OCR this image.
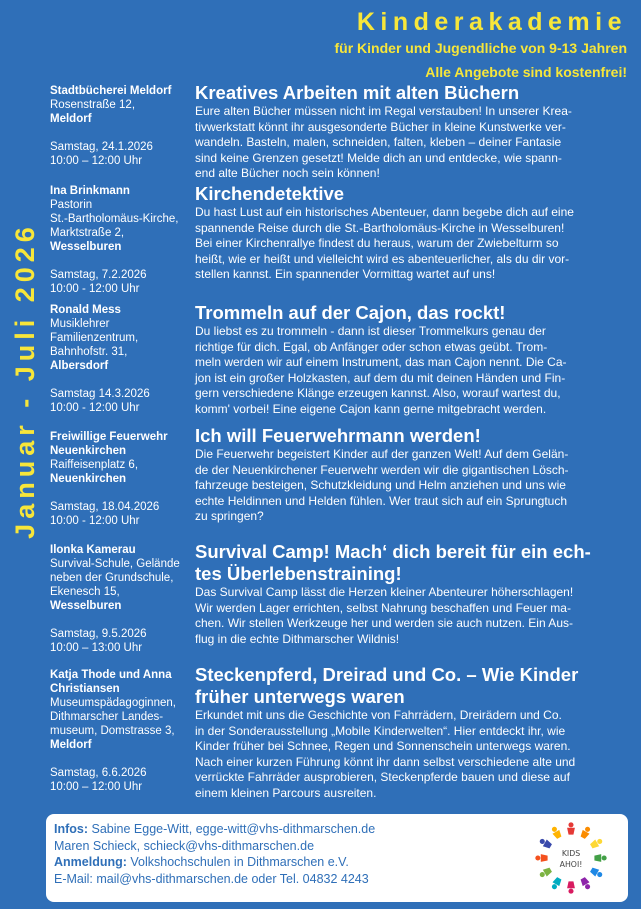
Kinderakademie
für Kinder und Jugendliche von 9-13 Jahren
Alle Angebote sind kostenfrei!
Januar - Juli 2026
Stadtbücherei Meldorf
Rosenstraße 12,
Meldorf
Samstag, 24.1.2026
10:00 – 12:00 Uhr
Kreatives Arbeiten mit alten Büchern

Eure alten Bücher müssen nicht im Regal verstauben! In unserer Krea-

tivwerkstatt könnt ihr ausgesonderte Bücher in kleine Kunstwerke ver-

wandeln. Basteln, malen, schneiden, falten, kleben – deiner Fantasie

sind keine Grenzen gesetzt! Melde dich an und entdecke, wie spann-

end alte Bücher noch sein können!

Ina Brinkmann
Pastorin
St.-Bartholomäus-Kirche,
Marktstraße 2,
Wesselburen
Samstag, 7.2.2026
10:00 - 12:00 Uhr
Kirchendetektive

Du hast Lust auf ein historisches Abenteuer, dann begebe dich auf eine

spannende Reise durch die St.-Bartholomäus-Kirche in Wesselburen!

Bei einer Kirchenrallye findest du heraus, warum der Zwiebelturm so

heißt, wie er heißt und vielleicht wird es abenteuerlicher, als du dir vor-

stellen kannst. Ein spannender Vormittag wartet auf uns!

Ronald Mess
Musiklehrer
Familienzentrum,
Bahnhofstr. 31,
Albersdorf
Samstag 14.3.2026
10:00 - 12:00 Uhr
Trommeln auf der Cajon, das rockt!

Du liebst es zu trommeln - dann ist dieser Trommelkurs genau der

richtige für dich. Egal, ob Anfänger oder schon etwas geübt. Trom-

meln werden wir auf einem Instrument, das man Cajon nennt. Die Ca-

jon ist ein großer Holzkasten, auf dem du mit deinen Händen und Fin-

gern verschiedene Klänge erzeugen kannst. Also, worauf wartest du,

komm' vorbei! Eine eigene Cajon kann gerne mitgebracht werden.

Freiwillige Feuerwehr
Neuenkirchen
Raiffeisenplatz 6,
Neuenkirchen
Samstag, 18.04.2026
10:00 - 12:00 Uhr
Ich will Feuerwehrmann werden!

Die Feuerwehr begeistert Kinder auf der ganzen Welt! Auf dem Gelän-

de der Neuenkirchener Feuerwehr werden wir die gigantischen Lösch-

fahrzeuge besteigen, Schutzkleidung und Helm anziehen und uns wie

echte Heldinnen und Helden fühlen. Wer traut sich auf ein Sprungtuch

zu springen?

Ilonka Kamerau
Survival-Schule, Gelände
neben der Grundschule,
Ekenesch 15,
Wesselburen
Samstag, 9.5.2026
10:00 – 13:00 Uhr
Survival Camp! Mach‘ dich bereit für ein ech-
tes Überlebenstraining!

Das Survival Camp lässt die Herzen kleiner Abenteurer höherschlagen!

Wir werden Lager errichten, selbst Nahrung beschaffen und Feuer ma-

chen. Wir stellen Werkzeuge her und werden sie auch nutzen. Ein Aus-

flug in die echte Dithmarscher Wildnis!

Katja Thode und Anna
Christiansen
Museumspädagoginnen,
Dithmarscher Landes-
museum, Domstrasse 3,
Meldorf
Samstag, 6.6.2026
10:00 – 12:00 Uhr
Steckenpferd, Dreirad und Co. – Wie Kinder
früher unterwegs waren

Erkundet mit uns die Geschichte von Fahrrädern, Dreirädern und Co.

in der Sonderausstellung „Mobile Kinderwelten“. Hier entdeckt ihr, wie

Kinder früher bei Schnee, Regen und Sonnenschein unterwegs waren.

Nach einer kurzen Führung könnt ihr dann selbst verschiedene alte und

verrückte Fahrräder ausprobieren, Steckenpferde bauen und diese auf

einem kleinen Parcours ausreiten.

Infos: Sabine Egge-Witt, egge-witt@vhs-dithmarschen.de
Maren Schieck, schieck@vhs-dithmarschen.de
Anmeldung: Volkshochschulen in Dithmarschen e.V.
E-Mail: mail@vhs-dithmarschen.de oder Tel. 04832 4243
KIDS
AHOI!
